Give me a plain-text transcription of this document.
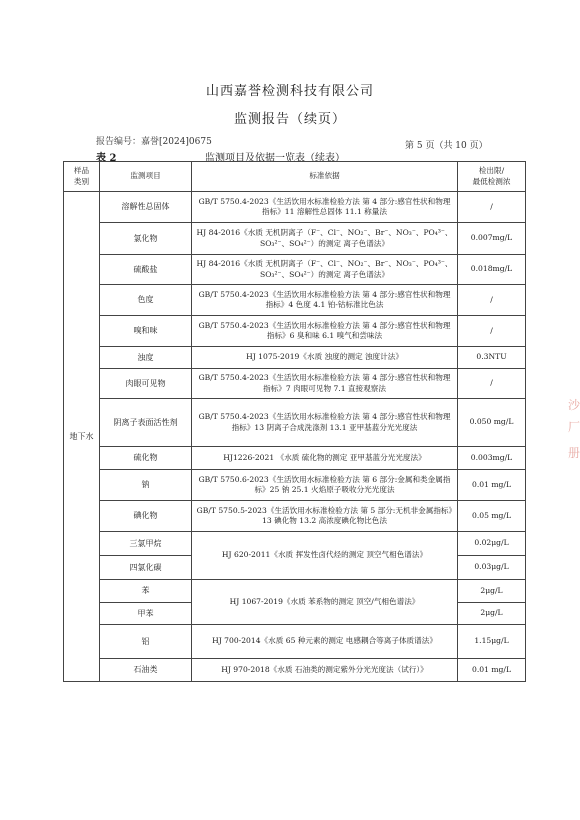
山西嘉誉检测科技有限公司
监测报告（续页）
报告编号：嘉誉[2024]0675	第 5 页（共 10 页）
表 2	监测项目及依据一览表（续表）
样品
类别	监测项目	标准依据	检出限/
最低检测浓
地下水	溶解性总固体	GB/T 5750.4-2023《生活饮用水标准检验方法 第 4 部分:感官性状和物理指标》11 溶解性总固体 11.1 称量法	/
	氯化物	HJ 84-2016《水质 无机阴离子（F⁻、Cl⁻、NO₂⁻、Br⁻、NO₃⁻、PO₄³⁻、SO₃²⁻、SO₄²⁻）的测定 离子色谱法》	0.007mg/L
	硫酸盐	HJ 84-2016《水质 无机阴离子（F⁻、Cl⁻、NO₂⁻、Br⁻、NO₃⁻、PO₄³⁻、SO₃²⁻、SO₄²⁻）的测定 离子色谱法》	0.018mg/L
	色度	GB/T 5750.4-2023《生活饮用水标准检验方法 第 4 部分:感官性状和物理指标》4 色度 4.1 铂-钴标准比色法	/
	嗅和味	GB/T 5750.4-2023《生活饮用水标准检验方法 第 4 部分:感官性状和物理指标》6 臭和味 6.1 嗅气和尝味法	/
	浊度	HJ 1075-2019《水质 浊度的测定 浊度计法》	0.3NTU
	肉眼可见物	GB/T 5750.4-2023《生活饮用水标准检验方法 第 4 部分:感官性状和物理指标》7 肉眼可见物 7.1 直接观察法	/
	阴离子表面活性剂	GB/T 5750.4-2023《生活饮用水标准检验方法 第 4 部分:感官性状和物理指标》13 阴离子合成洗涤剂 13.1 亚甲基蓝分光光度法	0.050 mg/L
	硫化物	HJ1226-2021 《水质 硫化物的测定 亚甲基蓝分光光度法》	0.003mg/L
	钠	GB/T 5750.6-2023《生活饮用水标准检验方法 第 6 部分:金属和类金属指标》25 钠 25.1 火焰原子吸收分光光度法	0.01 mg/L
	碘化物	GB/T 5750.5-2023《生活饮用水标准检验方法 第 5 部分:无机非金属指标》13 碘化物 13.2 高浓度碘化物比色法	0.05 mg/L
	三氯甲烷	HJ 620-2011《水质 挥发性卤代烃的测定 顶空气相色谱法》	0.02μg/L
	四氯化碳		0.03μg/L
	苯	HJ 1067-2019《水质 苯系物的测定 顶空/气相色谱法》	2μg/L
	甲苯		2μg/L
	铝	HJ 700-2014《水质 65 种元素的测定 电感耦合等离子体质谱法》	1.15μg/L
	石油类	HJ 970-2018《水质 石油类的测定紫外分光光度法（试行）》	0.01 mg/L
沙
厂
册
